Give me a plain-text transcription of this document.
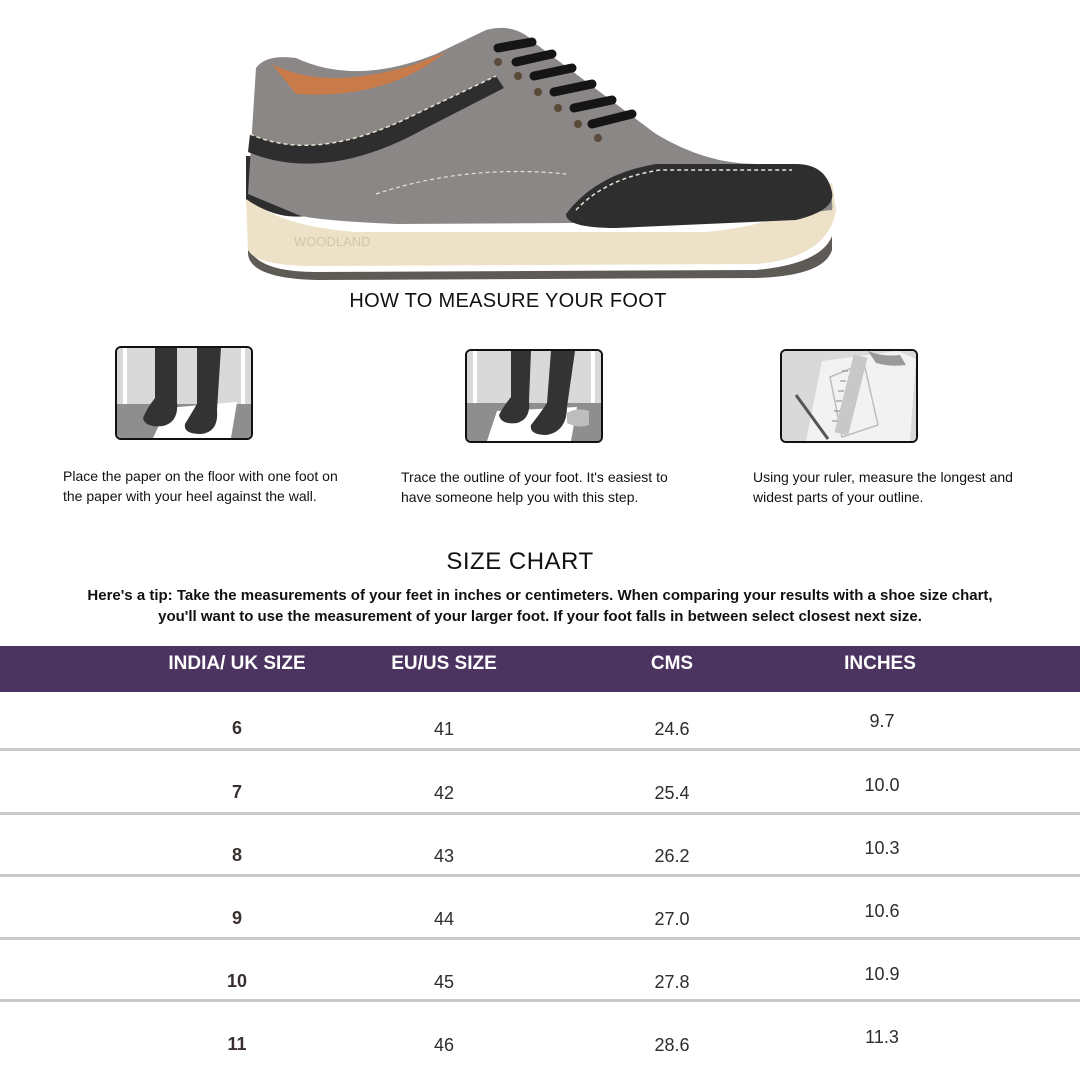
WOODLAND
HOW TO MEASURE YOUR FOOT
Place the paper on the floor with one foot on the paper with your heel against the wall.
Trace the outline of your foot. It's easiest to have someone help you with this step.
Using your ruler, measure the longest and widest parts of your outline.
SIZE CHART
Here's a tip: Take the measurements of your feet in inches or centimeters. When comparing your results with a shoe size chart,
you'll want to use the measurement of your larger foot. If your foot falls in between select closest next size.
INDIA/ UK SIZE	EU/US SIZE	CMS	INCHES
6	41	24.6	9.7
7	42	25.4	10.0
8	43	26.2	10.3
9	44	27.0	10.6
10	45	27.8	10.9
11	46	28.6	11.3
